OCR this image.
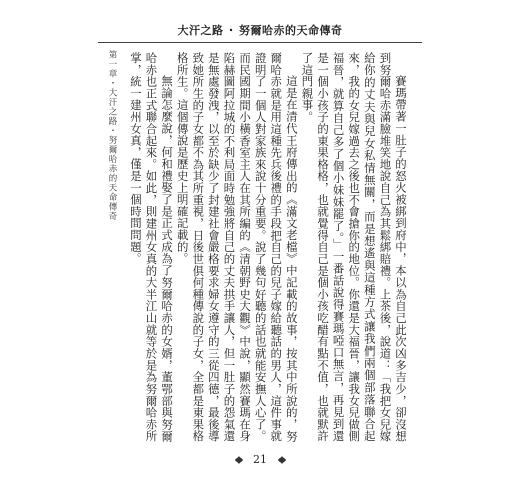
大汗之路 ・ 努爾哈赤的天命傳奇
第一章・大汗之路・努爾哈赤的天命傳奇	賽瑪帶著一肚子的怒火被綁到府中，本以為自己此次凶多吉少，卻沒想到努爾哈赤滿臉堆笑地說自己為其鬆綁賠禮。上茶後，說道：「我把女兒嫁給你的丈夫與兒女私情無關，而是想遙與這種方式讓我們兩個部落聯合起來，我的女兒嫁過去之後也不會搶你的地位。你還是大福晉，讓我女兒做側福晉，就算自己多了個小妹妹罷了。」一番話說得賽瑪啞口無言，再見到還是一個小孩子的東果格格，也就覺得自己是個小孩吃醋有點不值，也就默許了這門親事。

這是在清代王府傳出的《滿文老檔》中記載的故事，按其中所說的，努爾哈赤就是用這種先兵後禮的手段把自己的兒子嫁給聽話的男人，這件事就證明了一個人對家族來說十分重要。說了幾句好聽的話也就能安撫人心了。而民國期間小橫香室主人在其所編的《清朝野史大觀》中說，顯然賽瑪在身陷赫圖阿拉城的不利局面時勉強將自己的丈夫拱手讓人，但一肚子的怨氣還是無處發洩，以至於缺少了封建社會嚴格要求婦女遵守的三從四德，最後導致她所生的子女都不為其所重視，日後世俱何種傳說的子女，全都是東果格格所生。這個傳說是歷史上明確記載的。

無論怎麼說，何和禮娶了是正式成為了努爾哈赤的女婿，董鄂部與努爾哈赤也正式聯合起來。如此，則建州女真的大半江山就等於是為努爾哈赤所掌，統一建州女真，僅是一個時間問題。

21
